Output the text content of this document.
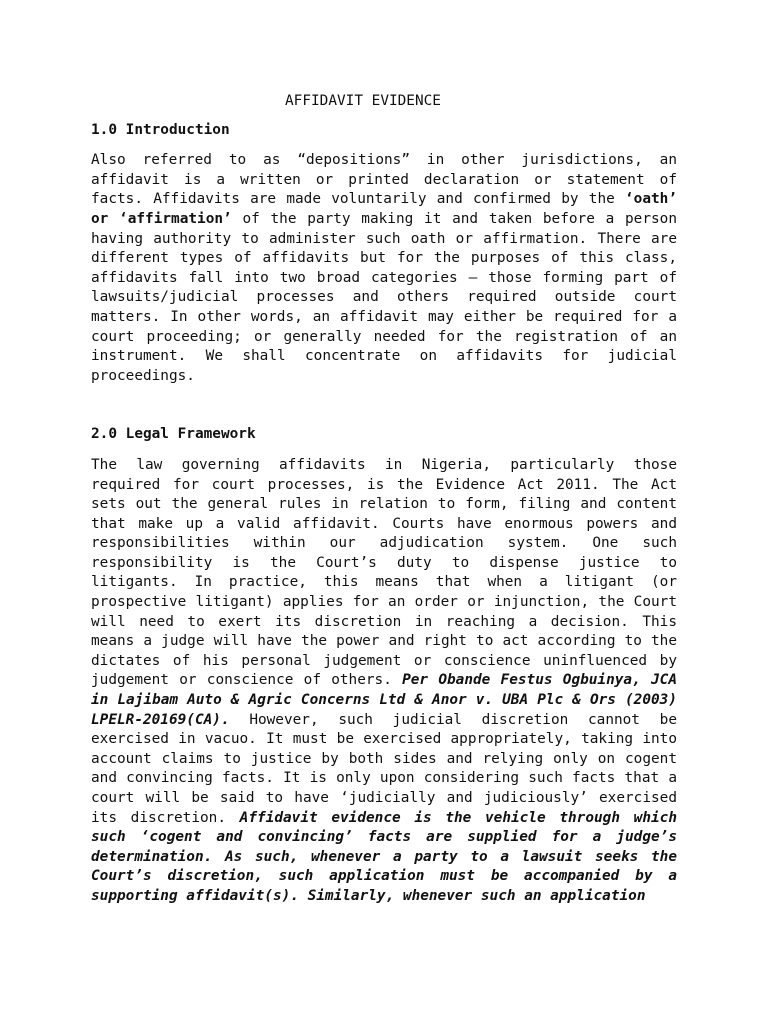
AFFIDAVIT EVIDENCE
1.0 Introduction

Also referred to as “depositions” in other jurisdictions, an affidavit is a written or printed declaration or statement of facts. Affidavits are made voluntarily and confirmed by the ‘oath’ or ‘affirmation’ of the party making it and taken before a person having authority to administer such oath or affirmation. There are different types of affidavits but for the purposes of this class, affidavits fall into two broad categories – those forming part of lawsuits/judicial processes and others required outside court matters. In other words, an affidavit may either be required for a court proceeding; or generally needed for the registration of an instrument. We shall concentrate on affidavits for judicial proceedings.

2.0 Legal Framework

The law governing affidavits in Nigeria, particularly those required for court processes, is the Evidence Act 2011. The Act sets out the general rules in relation to form, filing and content that make up a valid affidavit. Courts have enormous powers and responsibilities within our adjudication system. One such responsibility is the Court’s duty to dispense justice to litigants. In practice, this means that when a litigant (or prospective litigant) applies for an order or injunction, the Court will need to exert its discretion in reaching a decision. This means a judge will have the power and right to act according to the dictates of his personal judgement or conscience uninfluenced by judgement or conscience of others. Per Obande Festus Ogbuinya, JCA in Lajibam Auto & Agric Concerns Ltd & Anor v. UBA Plc & Ors (2003) LPELR-20169(CA). However, such judicial discretion cannot be exercised in vacuo. It must be exercised appropriately, taking into account claims to justice by both sides and relying only on cogent and convincing facts. It is only upon considering such facts that a court will be said to have ‘judicially and judiciously’ exercised its discretion. Affidavit evidence is the vehicle through which such ‘cogent and convincing’ facts are supplied for a judge’s determination. As such, whenever a party to a lawsuit seeks the Court’s discretion, such application must be accompanied by a supporting affidavit(s). Similarly, whenever such an application
